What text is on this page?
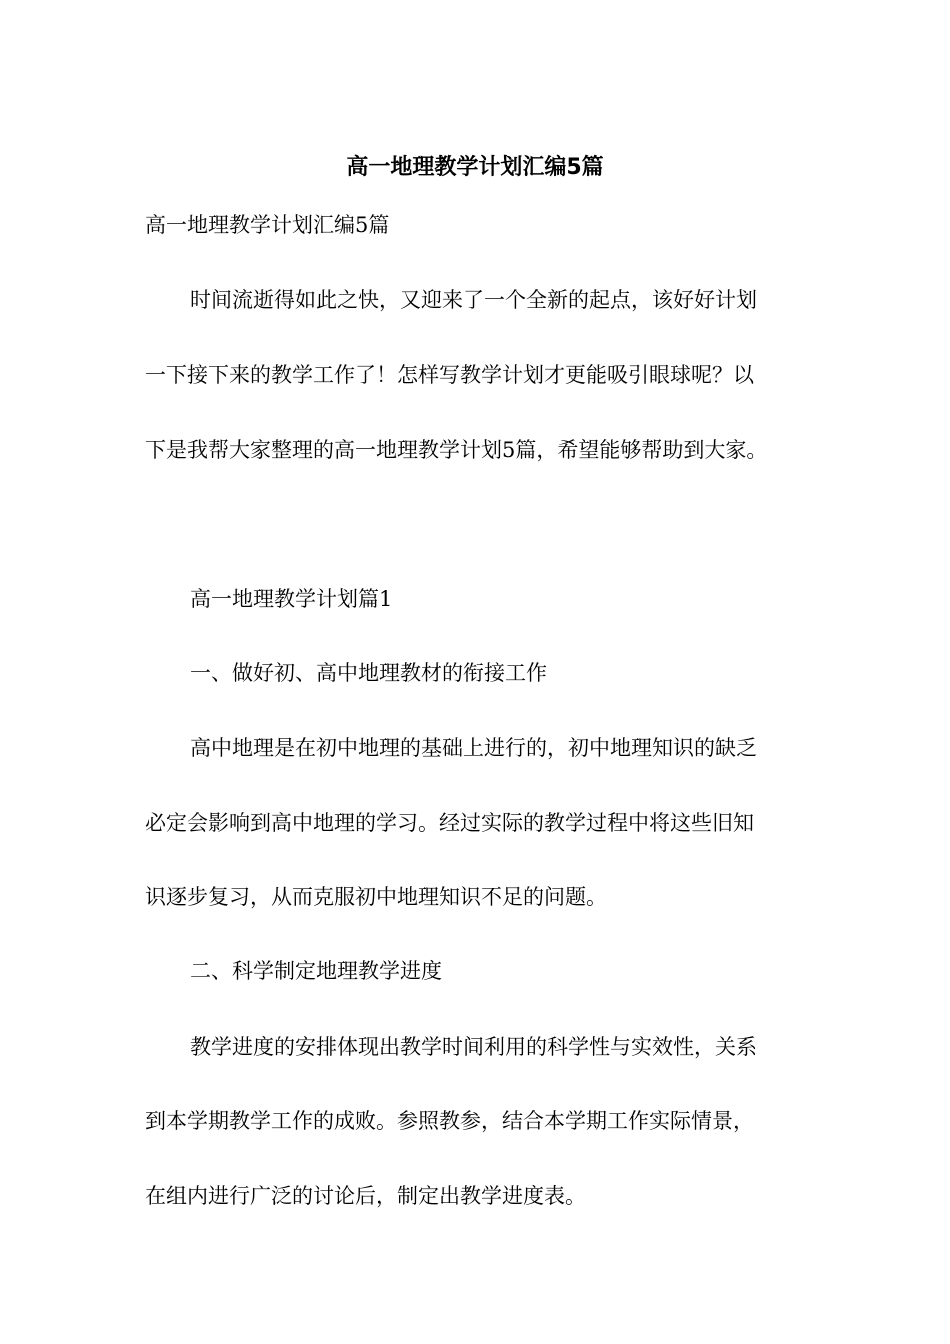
高一地理教学计划汇编5篇
高一地理教学计划汇编5篇
时间流逝得如此之快，又迎来了一个全新的起点，该好好计划
一下接下来的教学工作了！怎样写教学计划才更能吸引眼球呢？以
下是我帮大家整理的高一地理教学计划5篇，希望能够帮助到大家。
高一地理教学计划篇1
一、做好初、高中地理教材的衔接工作
高中地理是在初中地理的基础上进行的，初中地理知识的缺乏
必定会影响到高中地理的学习。经过实际的教学过程中将这些旧知
识逐步复习，从而克服初中地理知识不足的问题。
二、科学制定地理教学进度
教学进度的安排体现出教学时间利用的科学性与实效性，关系
到本学期教学工作的成败。参照教参，结合本学期工作实际情景，
在组内进行广泛的讨论后，制定出教学进度表。
